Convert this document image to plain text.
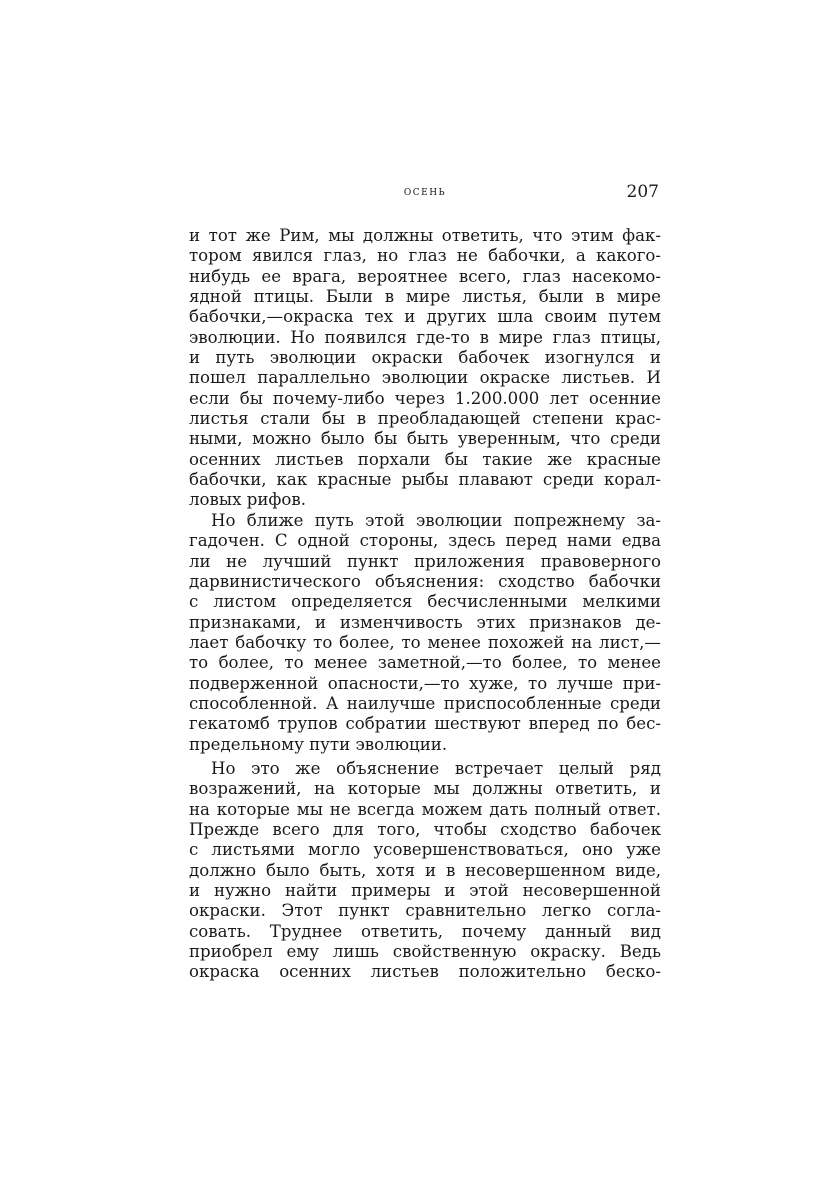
осень	207
и тот же Рим, мы должны ответить, что этим фак-
тором явился глаз, но глаз не бабочки, а какого-
нибудь ее врага, вероятнее всего, глаз насекомо-
ядной птицы. Были в мире листья, были в мире
бабочки,—окраска тех и других шла своим путем
эволюции. Но появился где-то в мире глаз птицы,
и путь эволюции окраски бабочек изогнулся и
пошел параллельно эволюции окраске листьев. И
если бы почему-либо через 1.200.000 лет осенние
листья стали бы в преобладающей степени крас-
ными, можно было бы быть уверенным, что среди
осенних листьев порхали бы такие же красные
бабочки, как красные рыбы плавают среди корал-
ловых рифов.
Но ближе путь этой эволюции попрежнему за-
гадочен. С одной стороны, здесь перед нами едва
ли не лучший пункт приложения правоверного
дарвинистического объяснения: сходство бабочки
с листом определяется бесчисленными мелкими
признаками, и изменчивость этих признаков де-
лает бабочку то более, то менее похожей на лист,—
то более, то менее заметной,—то более, то менее
подверженной опасности,—то хуже, то лучше при-
способленной. А наилучше приспособленные среди
гекатомб трупов собратии шествуют вперед по бес-
предельному пути эволюции.
Но это же объяснение встречает целый ряд
возражений, на которые мы должны ответить, и
на которые мы не всегда можем дать полный ответ.
Прежде всего для того, чтобы сходство бабочек
с листьями могло усовершенствоваться, оно уже
должно было быть, хотя и в несовершенном виде,
и нужно найти примеры и этой несовершенной
окраски. Этот пункт сравнительно легко согла-
совать. Труднее ответить, почему данный вид
приобрел ему лишь свойственную окраску. Ведь
окраска осенних листьев положительно беско-
